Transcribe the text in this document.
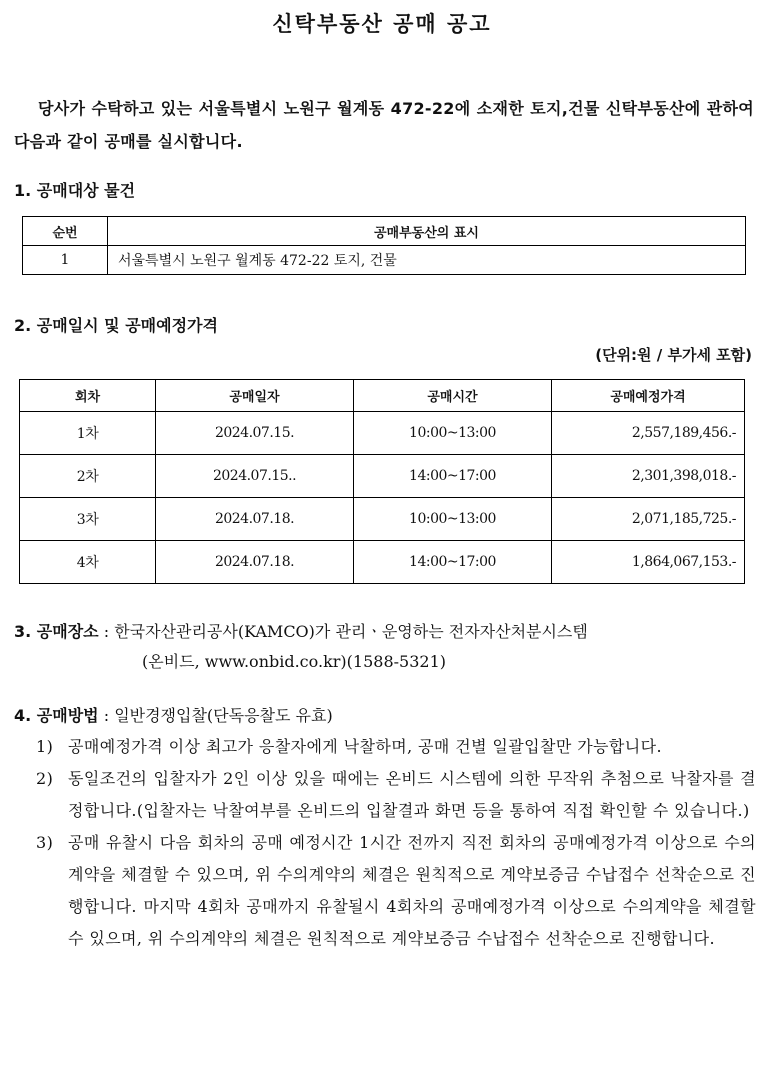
신탁부동산 공매 공고
당사가 수탁하고 있는 서울특별시 노원구 월계동 472-22에 소재한 토지,건물 신탁부동산에 관하여 다음과 같이 공매를 실시합니다.
1. 공매대상 물건
순번	공매부동산의 표시
1	서울특별시 노원구 월계동 472-22 토지, 건물
2. 공매일시 및 공매예정가격
(단위:원 / 부가세 포함)
회차	공매일자	공매시간	공매예정가격
1차	2024.07.15.	10:00~13:00	2,557,189,456.-
2차	2024.07.15..	14:00~17:00	2,301,398,018.-
3차	2024.07.18.	10:00~13:00	2,071,185,725.-
4차	2024.07.18.	14:00~17:00	1,864,067,153.-
3. 공매장소 : 한국자산관리공사(KAMCO)가 관리ㆍ운영하는 전자자산처분시스템
(온비드, www.onbid.co.kr)(1588-5321)
4. 공매방법 : 일반경쟁입찰(단독응찰도 유효)
1) 공매예정가격 이상 최고가 응찰자에게 낙찰하며, 공매 건별 일괄입찰만 가능합니다.
2) 동일조건의 입찰자가 2인 이상 있을 때에는 온비드 시스템에 의한 무작위 추첨으로 낙찰자를 결정합니다.(입찰자는 낙찰여부를 온비드의 입찰결과 화면 등을 통하여 직접 확인할 수 있습니다.)
3) 공매 유찰시 다음 회차의 공매 예정시간 1시간 전까지 직전 회차의 공매예정가격 이상으로 수의계약을 체결할 수 있으며, 위 수의계약의 체결은 원칙적으로 계약보증금 수납접수 선착순으로 진행합니다. 마지막 4회차 공매까지 유찰될시 4회차의 공매예정가격 이상으로 수의계약을 체결할 수 있으며, 위 수의계약의 체결은 원칙적으로 계약보증금 수납접수 선착순으로 진행합니다.
